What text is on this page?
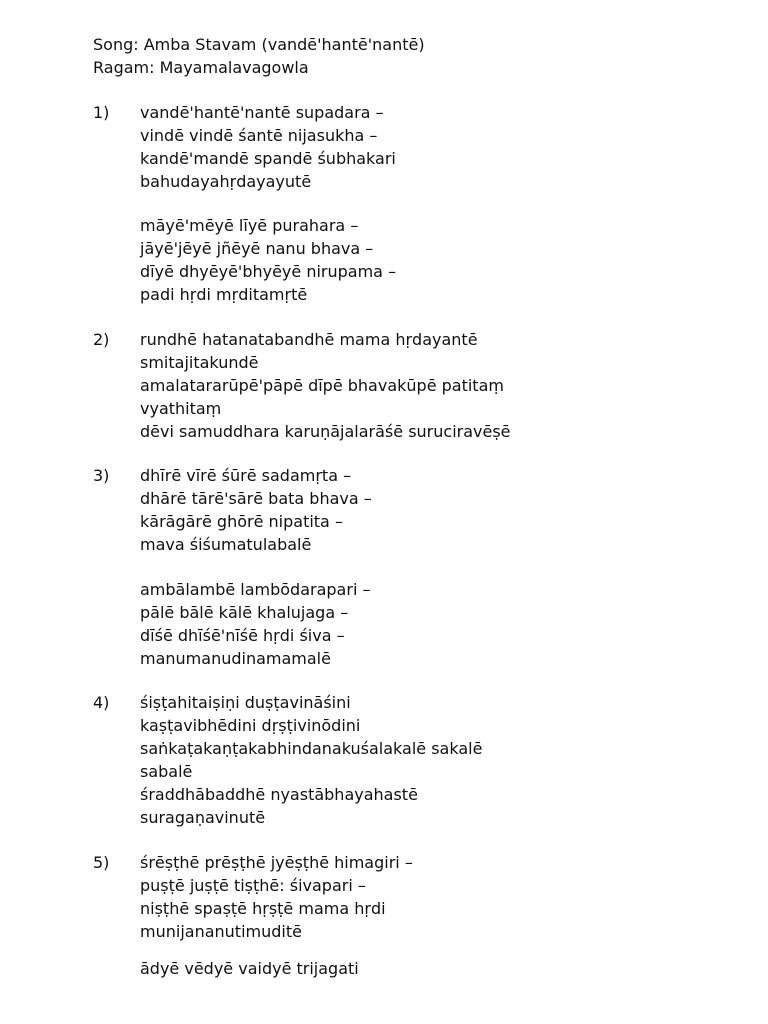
Song: Amba Stavam (vandē'hantē'nantē)
Ragam: Mayamalavagowla
1) vandē'hantē'nantē supadara –
vindē vindē śantē nijasukha –
kandē'mandē spandē śubhakari
bahudayahṛdayayutē
māyē'mēyē līyē purahara –
jāyē'jēyē jñēyē nanu bhava –
dīyē dhyēyē'bhyēyē nirupama –
padi hṛdi mṛditamṛtē
2) rundhē hatanatabandhē mama hṛdayantē
smitajitakundē
amalatararūpē'pāpē dīpē bhavakūpē patitaṃ
vyathitaṃ
dēvi samuddhara karuṇājalarāśē suruciravēṣē
3) dhīrē vīrē śūrē sadamṛta –
dhārē tārē'sārē bata bhava –
kārāgārē ghōrē nipatita –
mava śiśumatulabalē
ambālambē lambōdarapari –
pālē bālē kālē khalujaga –
dīśē dhīśē'nīśē hṛdi śiva –
manumanudinamamalē
4) śiṣṭahitaiṣiṇi duṣṭavināśini
kaṣṭavibhēdini dṛṣṭivinōdini
saṅkaṭakaṇṭakabhindanakuśalakalē sakalē
sabalē
śraddhābaddhē nyastābhayahastē
suragaṇavinutē
5) śrēṣṭhē prēṣṭhē jyēṣṭhē himagiri –
puṣṭē juṣṭē tiṣṭhē: śivapari –
niṣṭhē spaṣṭē hṛṣṭē mama hṛdi
munijananutimuditē
ādyē vēdyē vaidyē trijagati
